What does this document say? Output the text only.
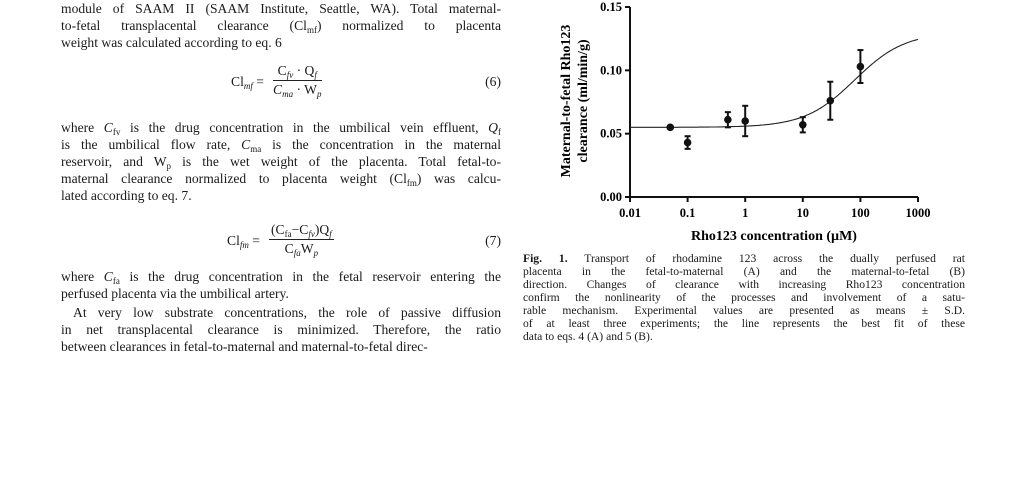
module of SAAM II (SAAM Institute, Seattle, WA). Total maternal-
to-fetal transplacental clearance $(Cl_{mf})$ normalized to placenta
weight was calculated according to eq. 6
$Cl_{mf}$ =
$C_{fv} \cdot Q_f$
$C_{ma} \cdot W_p$
(6)
where $C_{fv}$ is the drug concentration in the umbilical vein effluent, $Q_f$
is the umbilical flow rate, $C_{ma}$ is the concentration in the maternal
reservoir, and $W_p$ is the wet weight of the placenta. Total fetal-to-
maternal clearance normalized to placenta weight $(Cl_{fm})$ was calcu-
lated according to eq. 7.
$Cl_{fm}$ =
$(C_{fa}-C_{fv})Q_f$
$C_{fa}W_p$
(7)
where $C_{fa}$ is the drug concentration in the fetal reservoir entering the
perfused placenta via the umbilical artery.
At very low substrate concentrations, the role of passive diffusion
in net transplacental clearance is minimized. Therefore, the ratio
between clearances in fetal-to-maternal and maternal-to-fetal direc-
0.01	0.1	1	10	100	1000
0.00
0.05
0.10
0.15
Rho123 concentration (µM)
Maternal-to-fetal Rho123 clearance (ml/min/g)
Fig. 1. Transport of rhodamine 123 across the dually perfused rat
placenta in the fetal-to-maternal (A) and the maternal-to-fetal (B)
direction. Changes of clearance with increasing Rho123 concentration
confirm the nonlinearity of the processes and involvement of a satu-
rable mechanism. Experimental values are presented as means ± S.D.
of at least three experiments; the line represents the best fit of these
data to eqs. 4 (A) and 5 (B).
